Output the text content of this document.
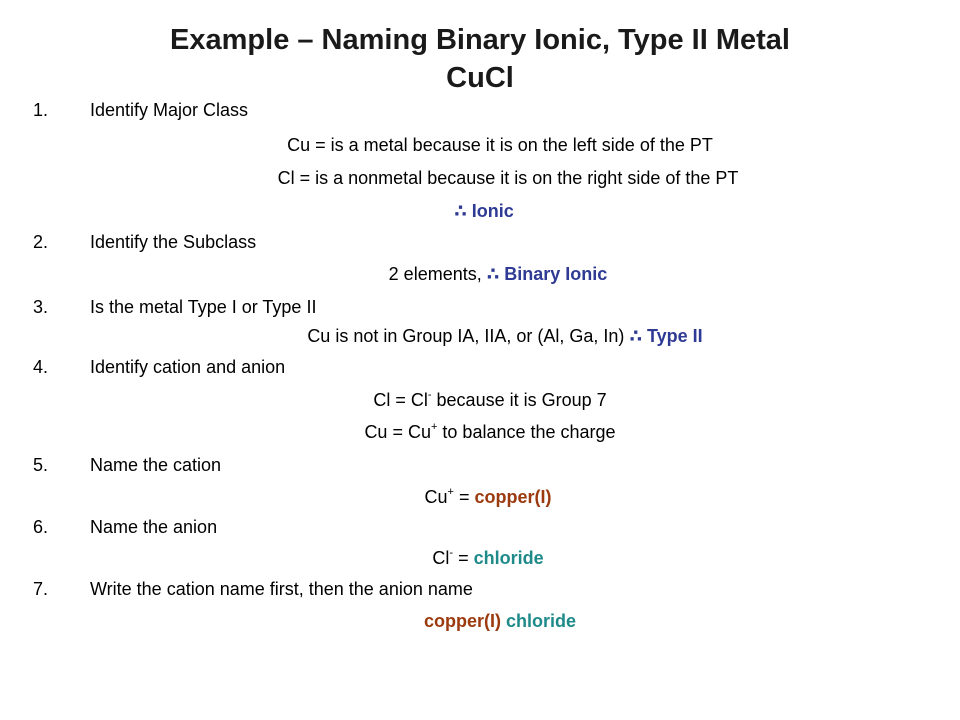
Example – Naming Binary Ionic, Type II Metal
CuCl
1. Identify Major Class
Cu = is a metal because it is on the left side of the PT
Cl = is a nonmetal because it is on the right side of the PT
∴ Ionic
2. Identify the Subclass
2 elements, ∴ Binary Ionic
3. Is the metal Type I or Type II
Cu is not in Group IA, IIA, or (Al, Ga, In) ∴ Type II
4. Identify cation and anion
Cl = Cl- because it is Group 7
Cu = Cu+ to balance the charge
5. Name the cation
Cu+ = copper(I)
6. Name the anion
Cl- = chloride
7. Write the cation name first, then the anion name
copper(I) chloride
